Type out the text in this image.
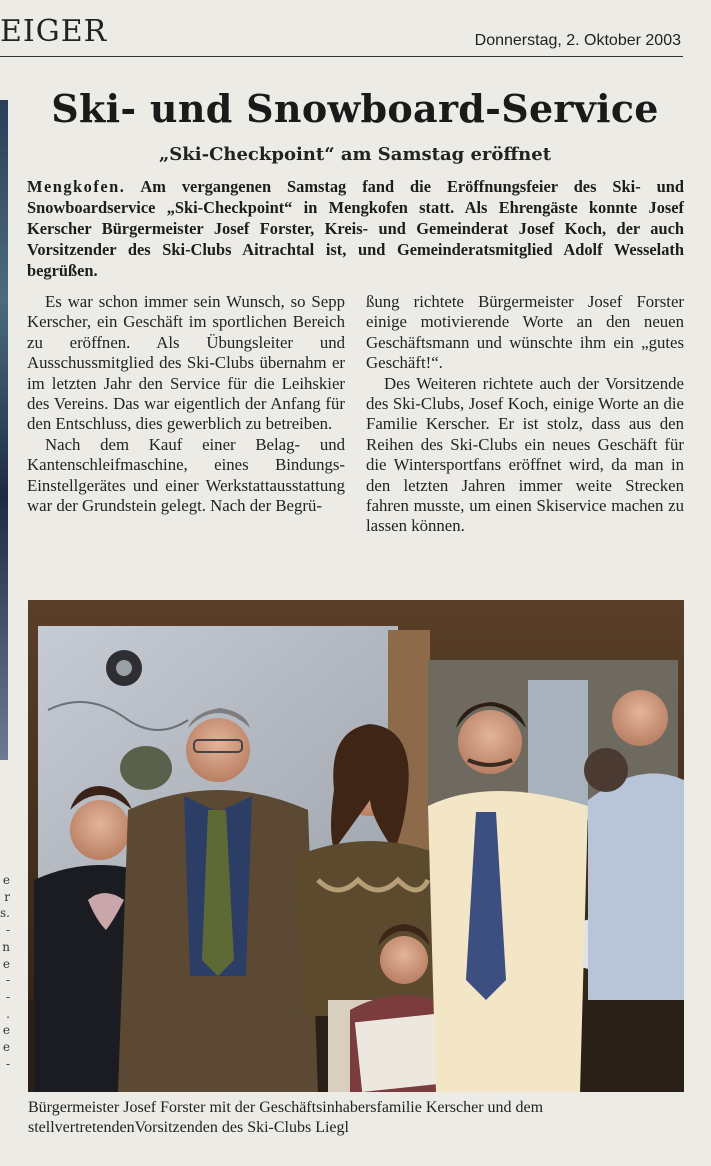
EIGER	Donnerstag, 2. Oktober 2003
e
r
s.
-
n
e
-
-
.
e
e
-
Ski- und Snowboard-Service

„Ski-Checkpoint“ am Samstag eröffnet

Mengkofen. Am vergangenen Samstag fand die Eröffnungsfeier des Ski- und Snowboardservice „Ski-Checkpoint“ in Mengkofen statt. Als Ehrengäste konnte Josef Kerscher Bürgermeister Josef Forster, Kreis- und Gemeinderat Josef Koch, der auch Vorsitzender des Ski-Clubs Aitrachtal ist, und Gemeinderatsmitglied Adolf Wesselath begrüßen.

Es war schon immer sein Wunsch, so Sepp Kerscher, ein Geschäft im sportlichen Bereich zu eröffnen. Als Übungsleiter und Ausschussmitglied des Ski-Clubs übernahm er im letzten Jahr den Service für die Leihskier des Vereins. Das war eigentlich der Anfang für den Entschluss, dies gewerblich zu betreiben.

Nach dem Kauf einer Belag- und Kantenschleifmaschine, eines Bindungs-Einstellgerätes und einer Werkstattausstattung war der Grundstein gelegt. Nach der Begrü-

ßung richtete Bürgermeister Josef Forster einige motivierende Worte an den neuen Geschäftsmann und wünschte ihm ein „gutes Geschäft!“.

Des Weiteren richtete auch der Vorsitzende des Ski-Clubs, Josef Koch, einige Worte an die Familie Kerscher. Er ist stolz, dass aus den Reihen des Ski-Clubs ein neues Geschäft für die Wintersportfans eröffnet wird, da man in den letzten Jahren immer weite Strecken fahren musste, um einen Skiservice machen zu lassen können.

Bürgermeister Josef Forster mit der Geschäftsinhabersfamilie Kerscher und dem stellvertretendenVorsitzenden des Ski-Clubs Liegl
